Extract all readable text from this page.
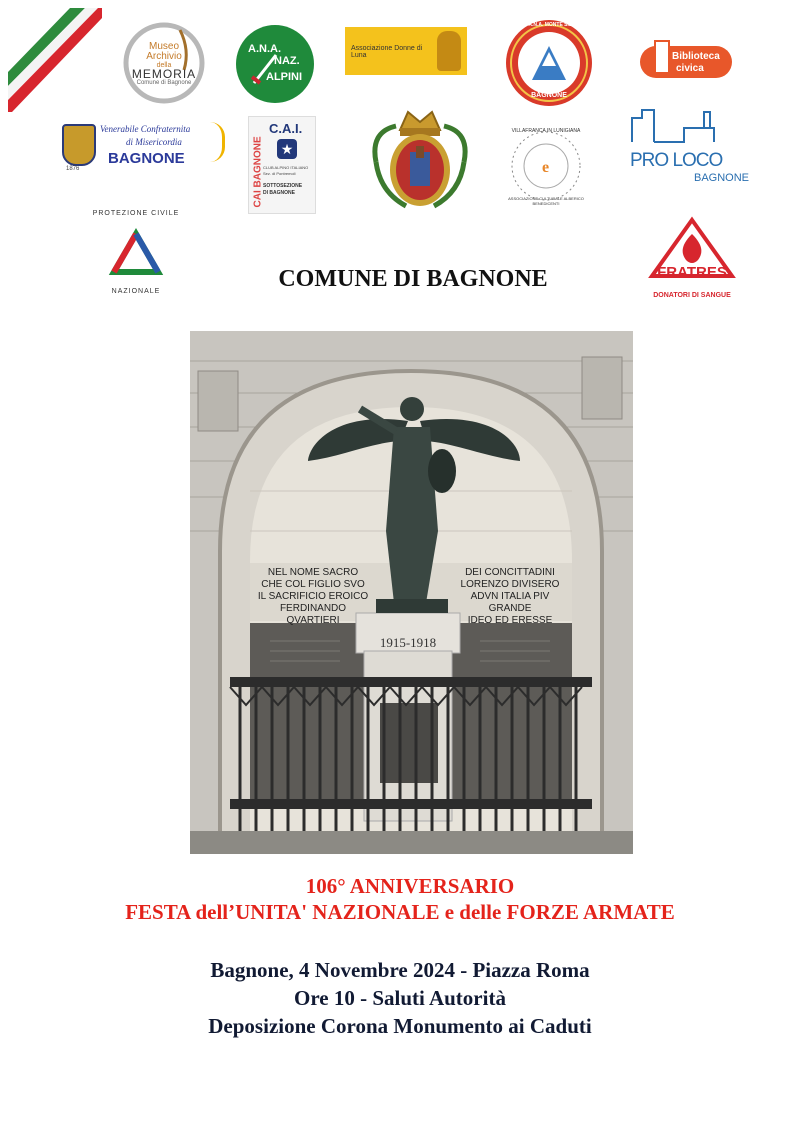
Museo
Archivio
della
MEMORIA
Comune di Bagnone
A.N.A.
NAZ.
ALPINI
Associazione Donne di Luna
CORO A.N.A. MONTE SILLARA
BAGNONE
Biblioteca
civica
1876
Venerabile Confraternita
di Misericordia
BAGNONE	CAI BAGNONE
C.A.I.
★
CLUB ALPINO ITALIANO
Sez. di Pontremoli
SOTTOSEZIONE
DI BAGNONE
e
VILLAFRANCA IN LUNIGIANA
ASSOCIAZIONE CULTURALE ALBERICO BENEDICENTI
PRO LOCO
BAGNONE
PROTEZIONE CIVILE
NAZIONALE
FRATRES
DONATORI DI SANGUE
COMUNE DI BAGNONE
NEL NOME SACRO
CHE COL FIGLIO SVO
IL SACRIFICIO EROICO
FERDINANDO QVARTIERI
DEI CONCITTADINI
LORENZO DIVISERO
ADVN ITALIA PIV GRANDE
IDEO ED ERESSE
1915-1918
106° ANNIVERSARIO
FESTA dell’UNITA' NAZIONALE e delle FORZE ARMATE
Bagnone, 4 Novembre 2024 - Piazza Roma
Ore 10 - Saluti Autorità
Deposizione Corona Monumento ai Caduti
